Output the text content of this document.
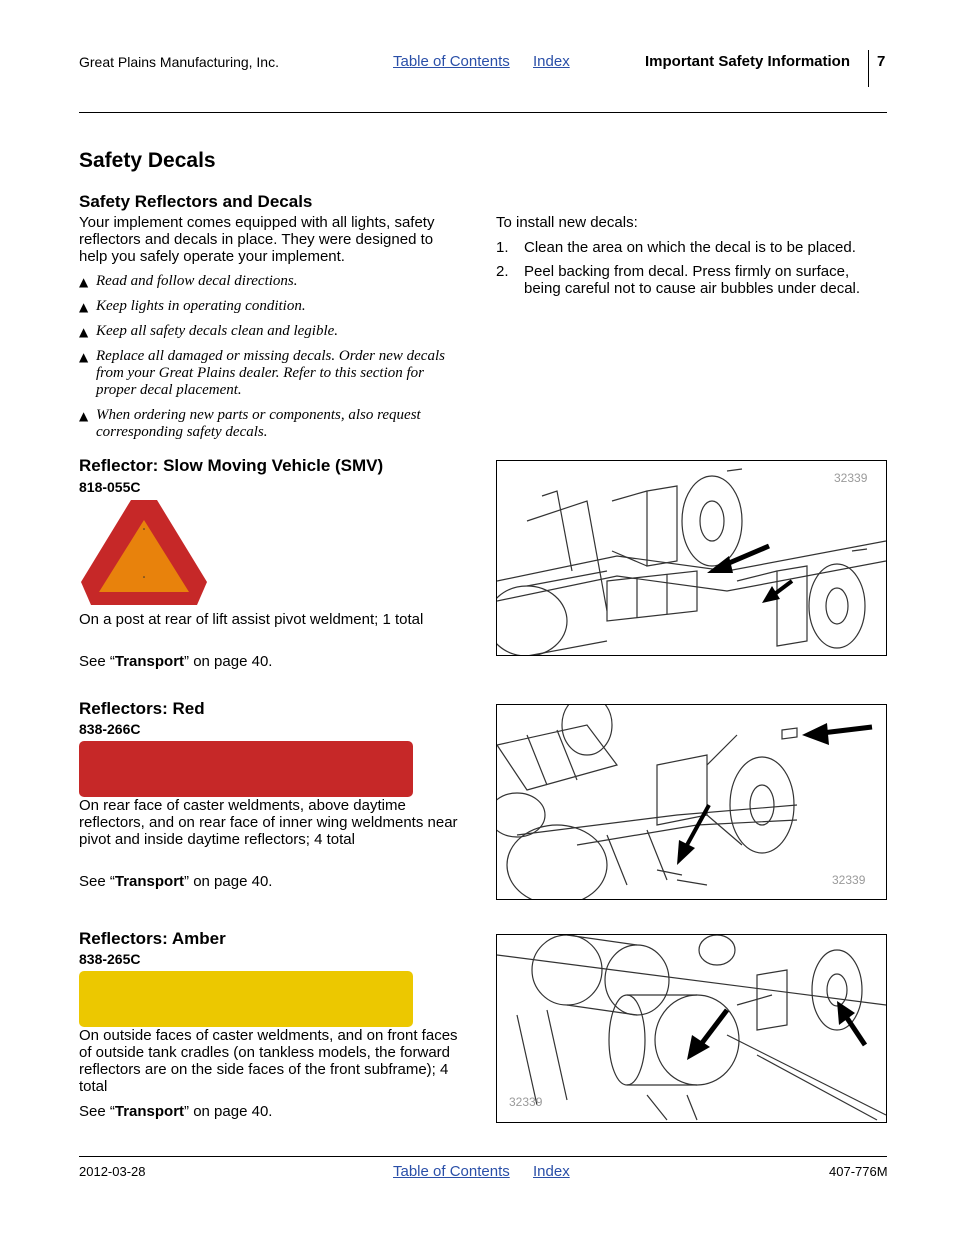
Great Plains Manufacturing, Inc.	Table of Contents Index	Important Safety Information 7
Safety Decals
Safety Reflectors and Decals
Your implement comes equipped with all lights, safety reflectors and decals in place. They were designed to help you safely operate your implement.
▲ Read and follow decal directions.
▲ Keep lights in operating condition.
▲ Keep all safety decals clean and legible.
▲ Replace all damaged or missing decals. Order new decals from your Great Plains dealer. Refer to this section for proper decal placement.
▲ When ordering new parts or components, also request corresponding safety decals.
To install new decals:
1. Clean the area on which the decal is to be placed.
2. Peel backing from decal. Press firmly on surface, being careful not to cause air bubbles under decal.
Reflector: Slow Moving Vehicle (SMV)
818-055C
On a post at rear of lift assist pivot weldment; 1 total
See “Transport” on page 40.
32339
Reflectors: Red
838-266C
On rear face of caster weldments, above daytime reflectors, and on rear face of inner wing weldments near pivot and inside daytime reflectors; 4 total
See “Transport” on page 40.	32339
Reflectors: Amber
838-265C
On outside faces of caster weldments, and on front faces of outside tank cradles (on tankless models, the forward reflectors are on the side faces of the front subframe); 4 total
See “Transport” on page 40.
32339
2012-03-28	Table of Contents Index	407-776M
